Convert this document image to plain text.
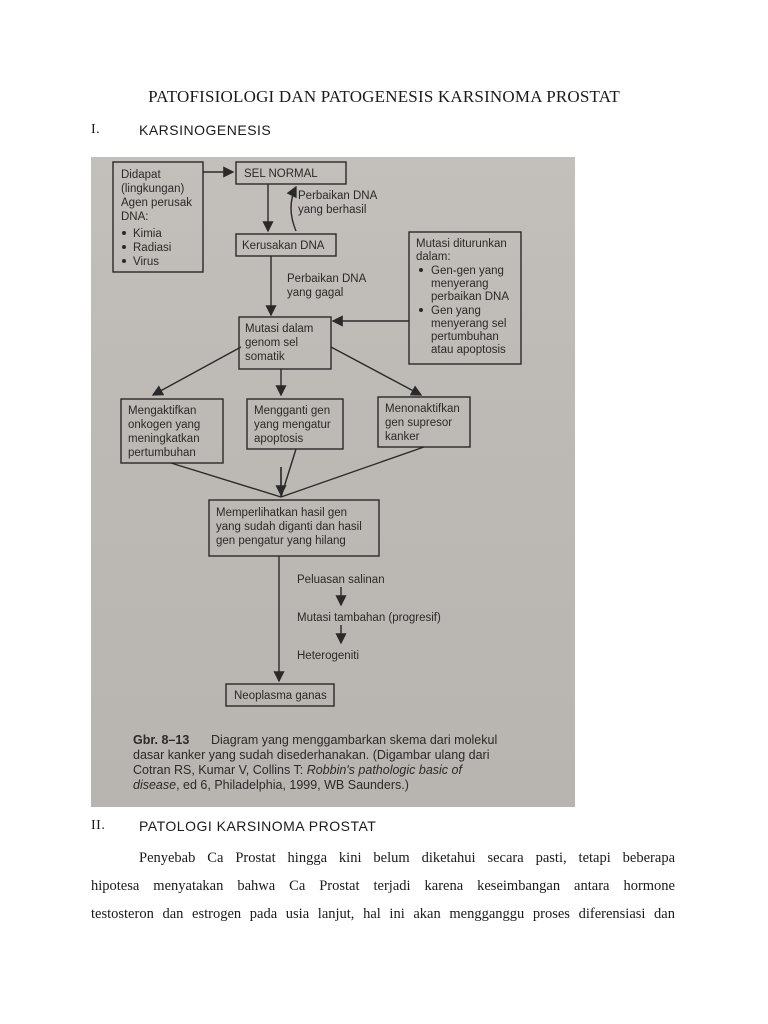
PATOFISIOLOGI DAN PATOGENESIS KARSINOMA PROSTAT
I.	KARSINOGENESIS
Didapat
(lingkungan)
Agen perusak
DNA:
Kimia
Radiasi
Virus
SEL NORMAL
Perbaikan DNA
yang berhasil
Kerusakan DNA
Perbaikan DNA
yang gagal
Mutasi diturunkan
dalam:
Gen-gen yang
menyerang
perbaikan DNA
Gen yang
menyerang sel
pertumbuhan
atau apoptosis
Mutasi dalam
genom sel
somatik
Mengaktifkan
onkogen yang
meningkatkan
pertumbuhan
Mengganti gen
yang mengatur
apoptosis
Menonaktifkan
gen supresor
kanker
Memperlihatkan hasil gen
yang sudah diganti dan hasil
gen pengatur yang hilang
Peluasan salinan
Mutasi tambahan (progresif)
Heterogeniti
Neoplasma ganas
Gbr. 8–13 Diagram yang menggambarkan skema dari molekul
dasar kanker yang sudah disederhanakan. (Digambar ulang dari
Cotran RS, Kumar V, Collins T: Robbin's pathologic basic of
disease, ed 6, Philadelphia, 1999, WB Saunders.)
II. PATOLOGI KARSINOMA PROSTAT
Penyebab Ca Prostat hingga kini belum diketahui secara pasti, tetapi beberapa
hipotesa menyatakan bahwa Ca Prostat terjadi karena keseimbangan antara hormone
testosteron dan estrogen pada usia lanjut, hal ini akan mengganggu proses diferensiasi dan
